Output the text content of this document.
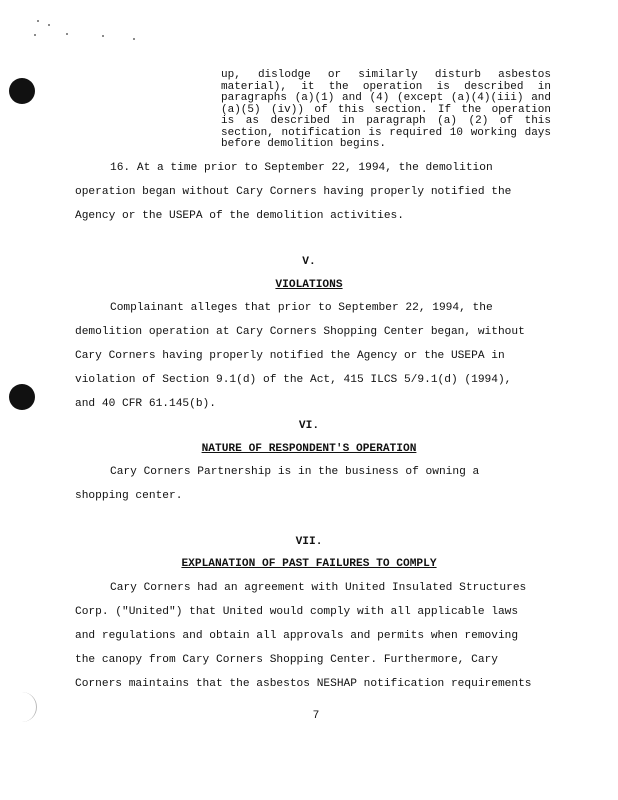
up, dislodge or similarly disturb asbestos
material), it the operation is described in
paragraphs (a)(1) and (4) (except (a)(4)(iii) and
(a)(5) (iv)) of this section. If the operation
is as described in paragraph (a) (2) of this
section, notification is required 10 working days
before demolition begins.
16. At a time prior to September 22, 1994, the demolition
operation began without Cary Corners having properly notified the
Agency or the USEPA of the demolition activities.
V.
VIOLATIONS
Complainant alleges that prior to September 22, 1994, the
demolition operation at Cary Corners Shopping Center began, without
Cary Corners having properly notified the Agency or the USEPA in
violation of Section 9.1(d) of the Act, 415 ILCS 5/9.1(d) (1994),
and 40 CFR 61.145(b).
VI.
NATURE OF RESPONDENT'S OPERATION
Cary Corners Partnership is in the business of owning a
shopping center.
VII.
EXPLANATION OF PAST FAILURES TO COMPLY
Cary Corners had an agreement with United Insulated Structures
Corp. ("United") that United would comply with all applicable laws
and regulations and obtain all approvals and permits when removing
the canopy from Cary Corners Shopping Center. Furthermore, Cary
Corners maintains that the asbestos NESHAP notification requirements
7
